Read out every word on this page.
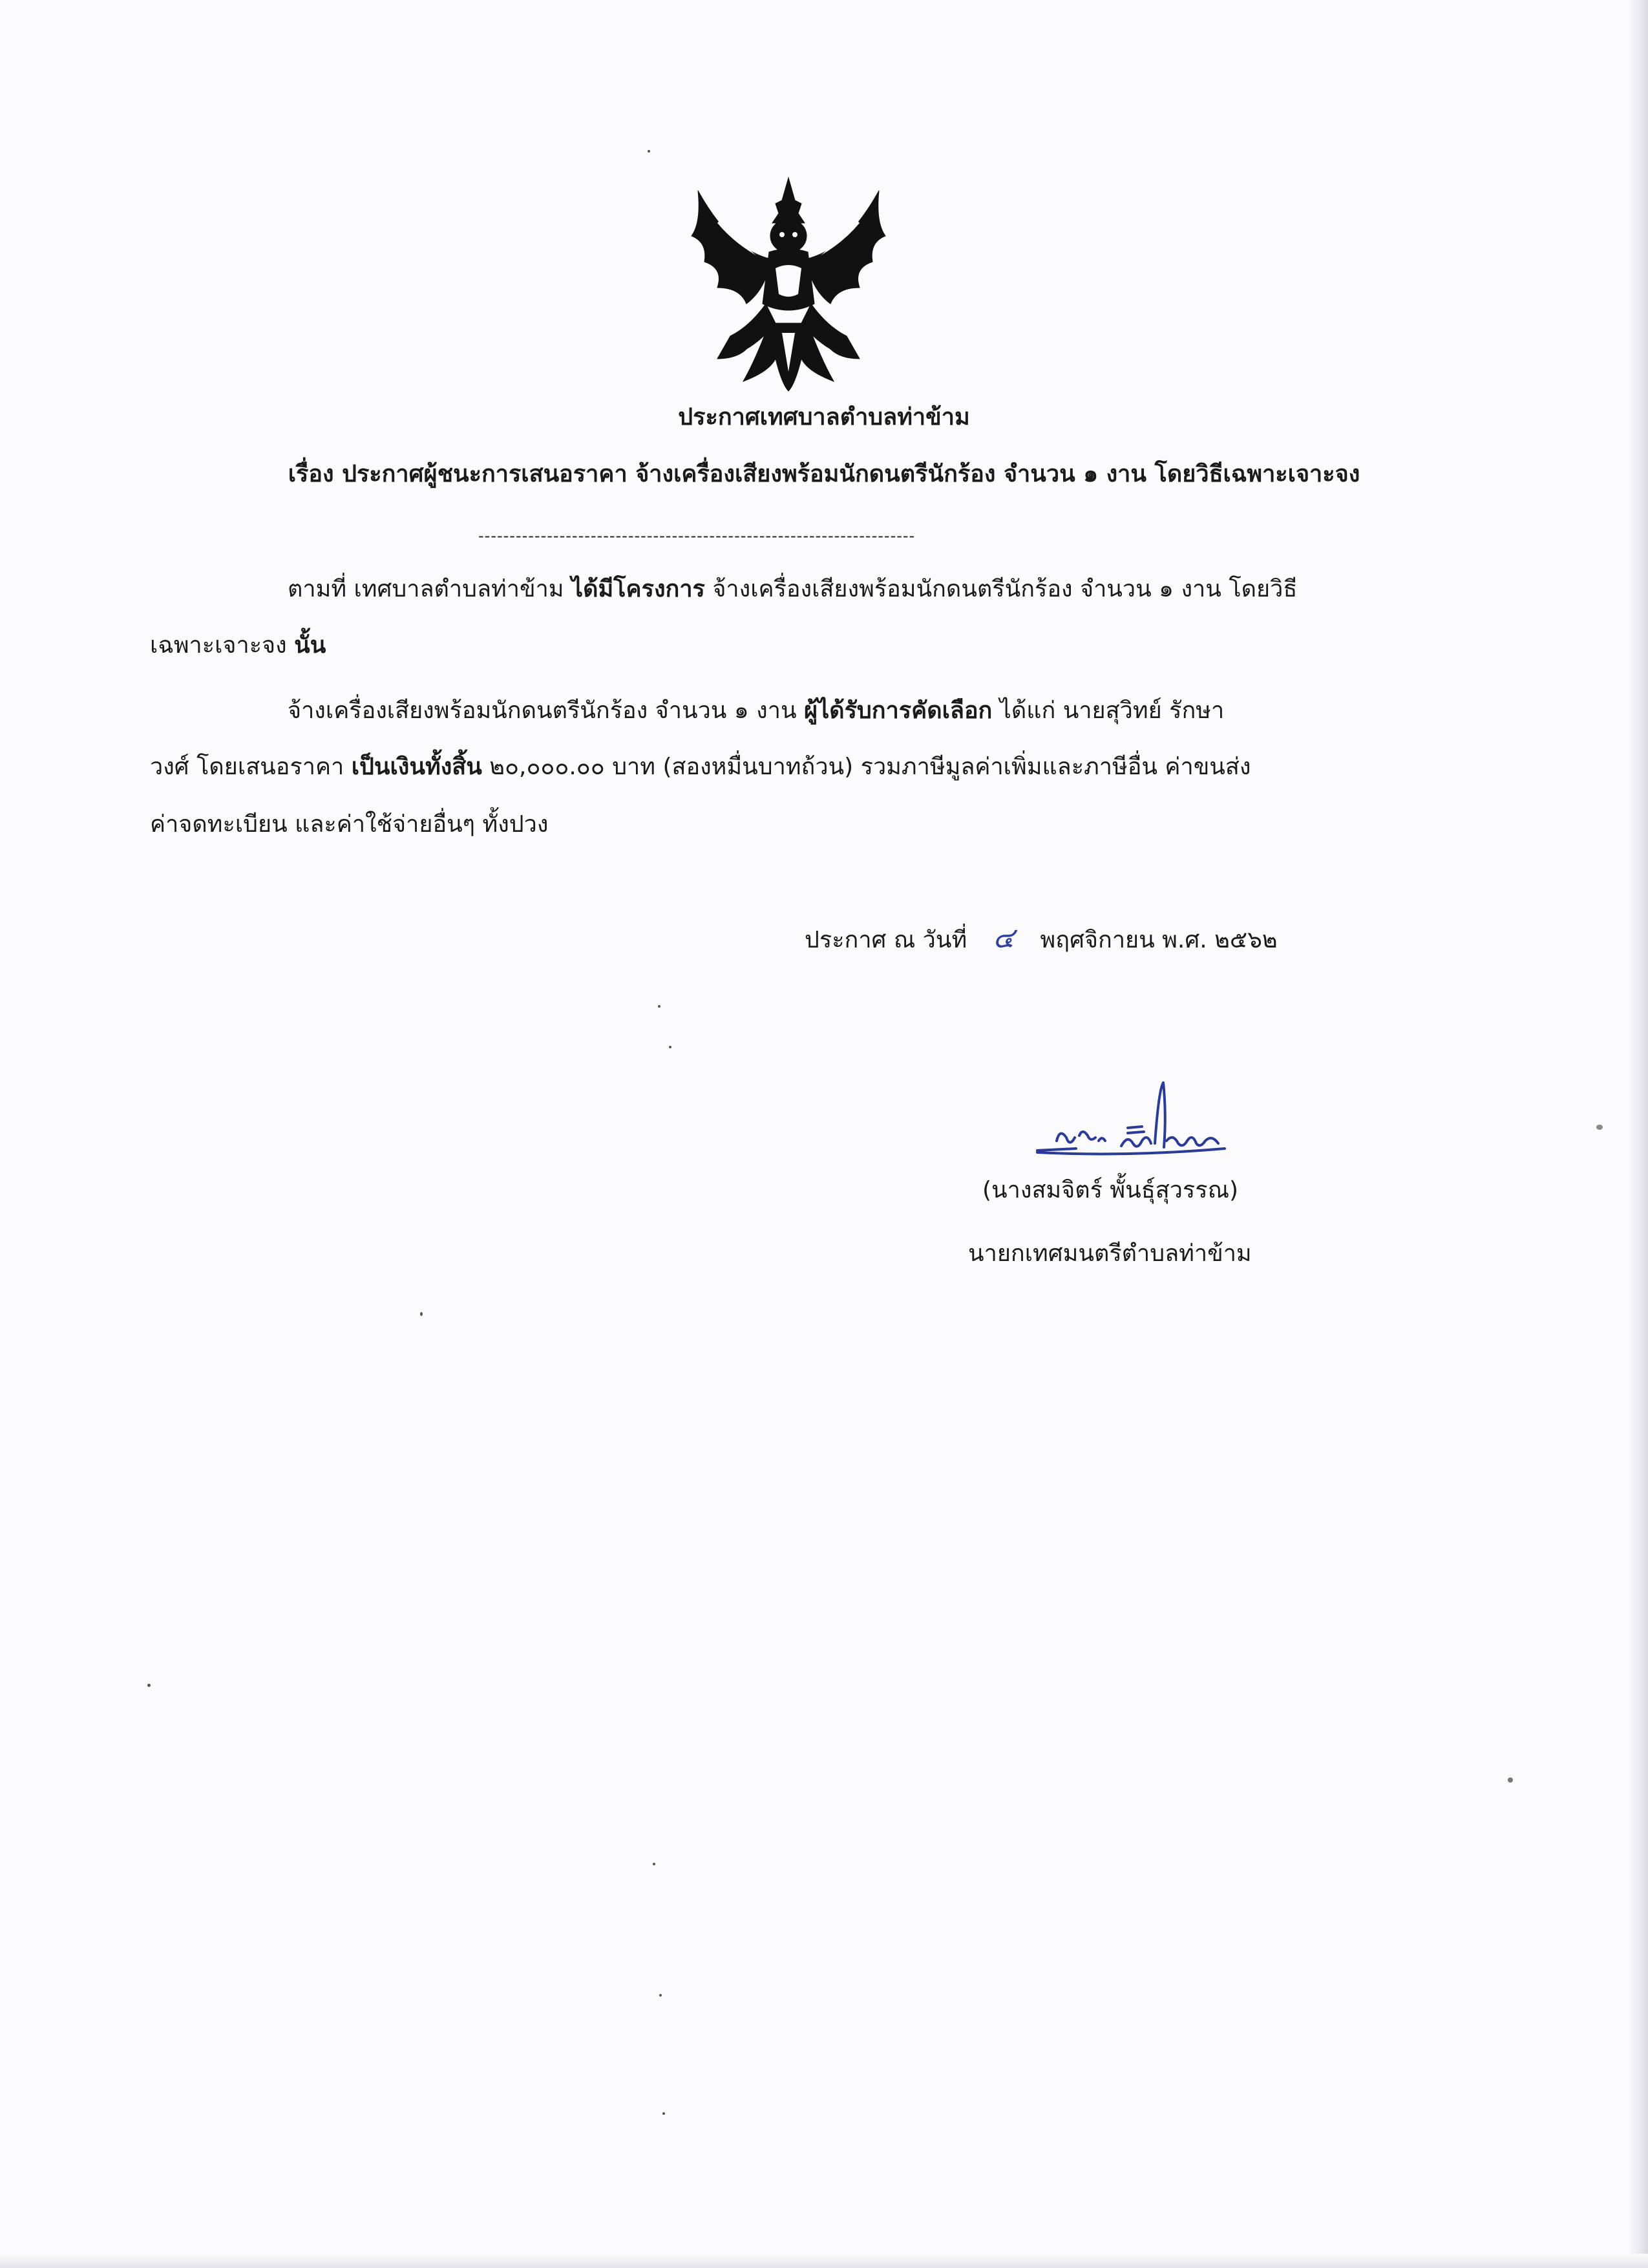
ประกาศเทศบาลตำบลท่าข้าม
เรื่อง ประกาศผู้ชนะการเสนอราคา จ้างเครื่องเสียงพร้อมนักดนตรีนักร้อง จำนวน ๑ งาน โดยวิธีเฉพาะเจาะจง
----------------------------------------------------------------------
ตามที่ เทศบาลตำบลท่าข้าม ได้มีโครงการ จ้างเครื่องเสียงพร้อมนักดนตรีนักร้อง จำนวน ๑ งาน โดยวิธี
เฉพาะเจาะจง นั้น
จ้างเครื่องเสียงพร้อมนักดนตรีนักร้อง จำนวน ๑ งาน ผู้ได้รับการคัดเลือก ได้แก่ นายสุวิทย์ รักษา
วงศ์ โดยเสนอราคา เป็นเงินทั้งสิ้น ๒๐,๐๐๐.๐๐ บาท (สองหมื่นบาทถ้วน) รวมภาษีมูลค่าเพิ่มและภาษีอื่น ค่าขนส่ง
ค่าจดทะเบียน และค่าใช้จ่ายอื่นๆ ทั้งปวง
ประกาศ ณ วันที่ ๔ พฤศจิกายน พ.ศ. ๒๕๖๒
(นางสมจิตร์ พั้นธุ์สุวรรณ)
นายกเทศมนตรีตำบลท่าข้าม
